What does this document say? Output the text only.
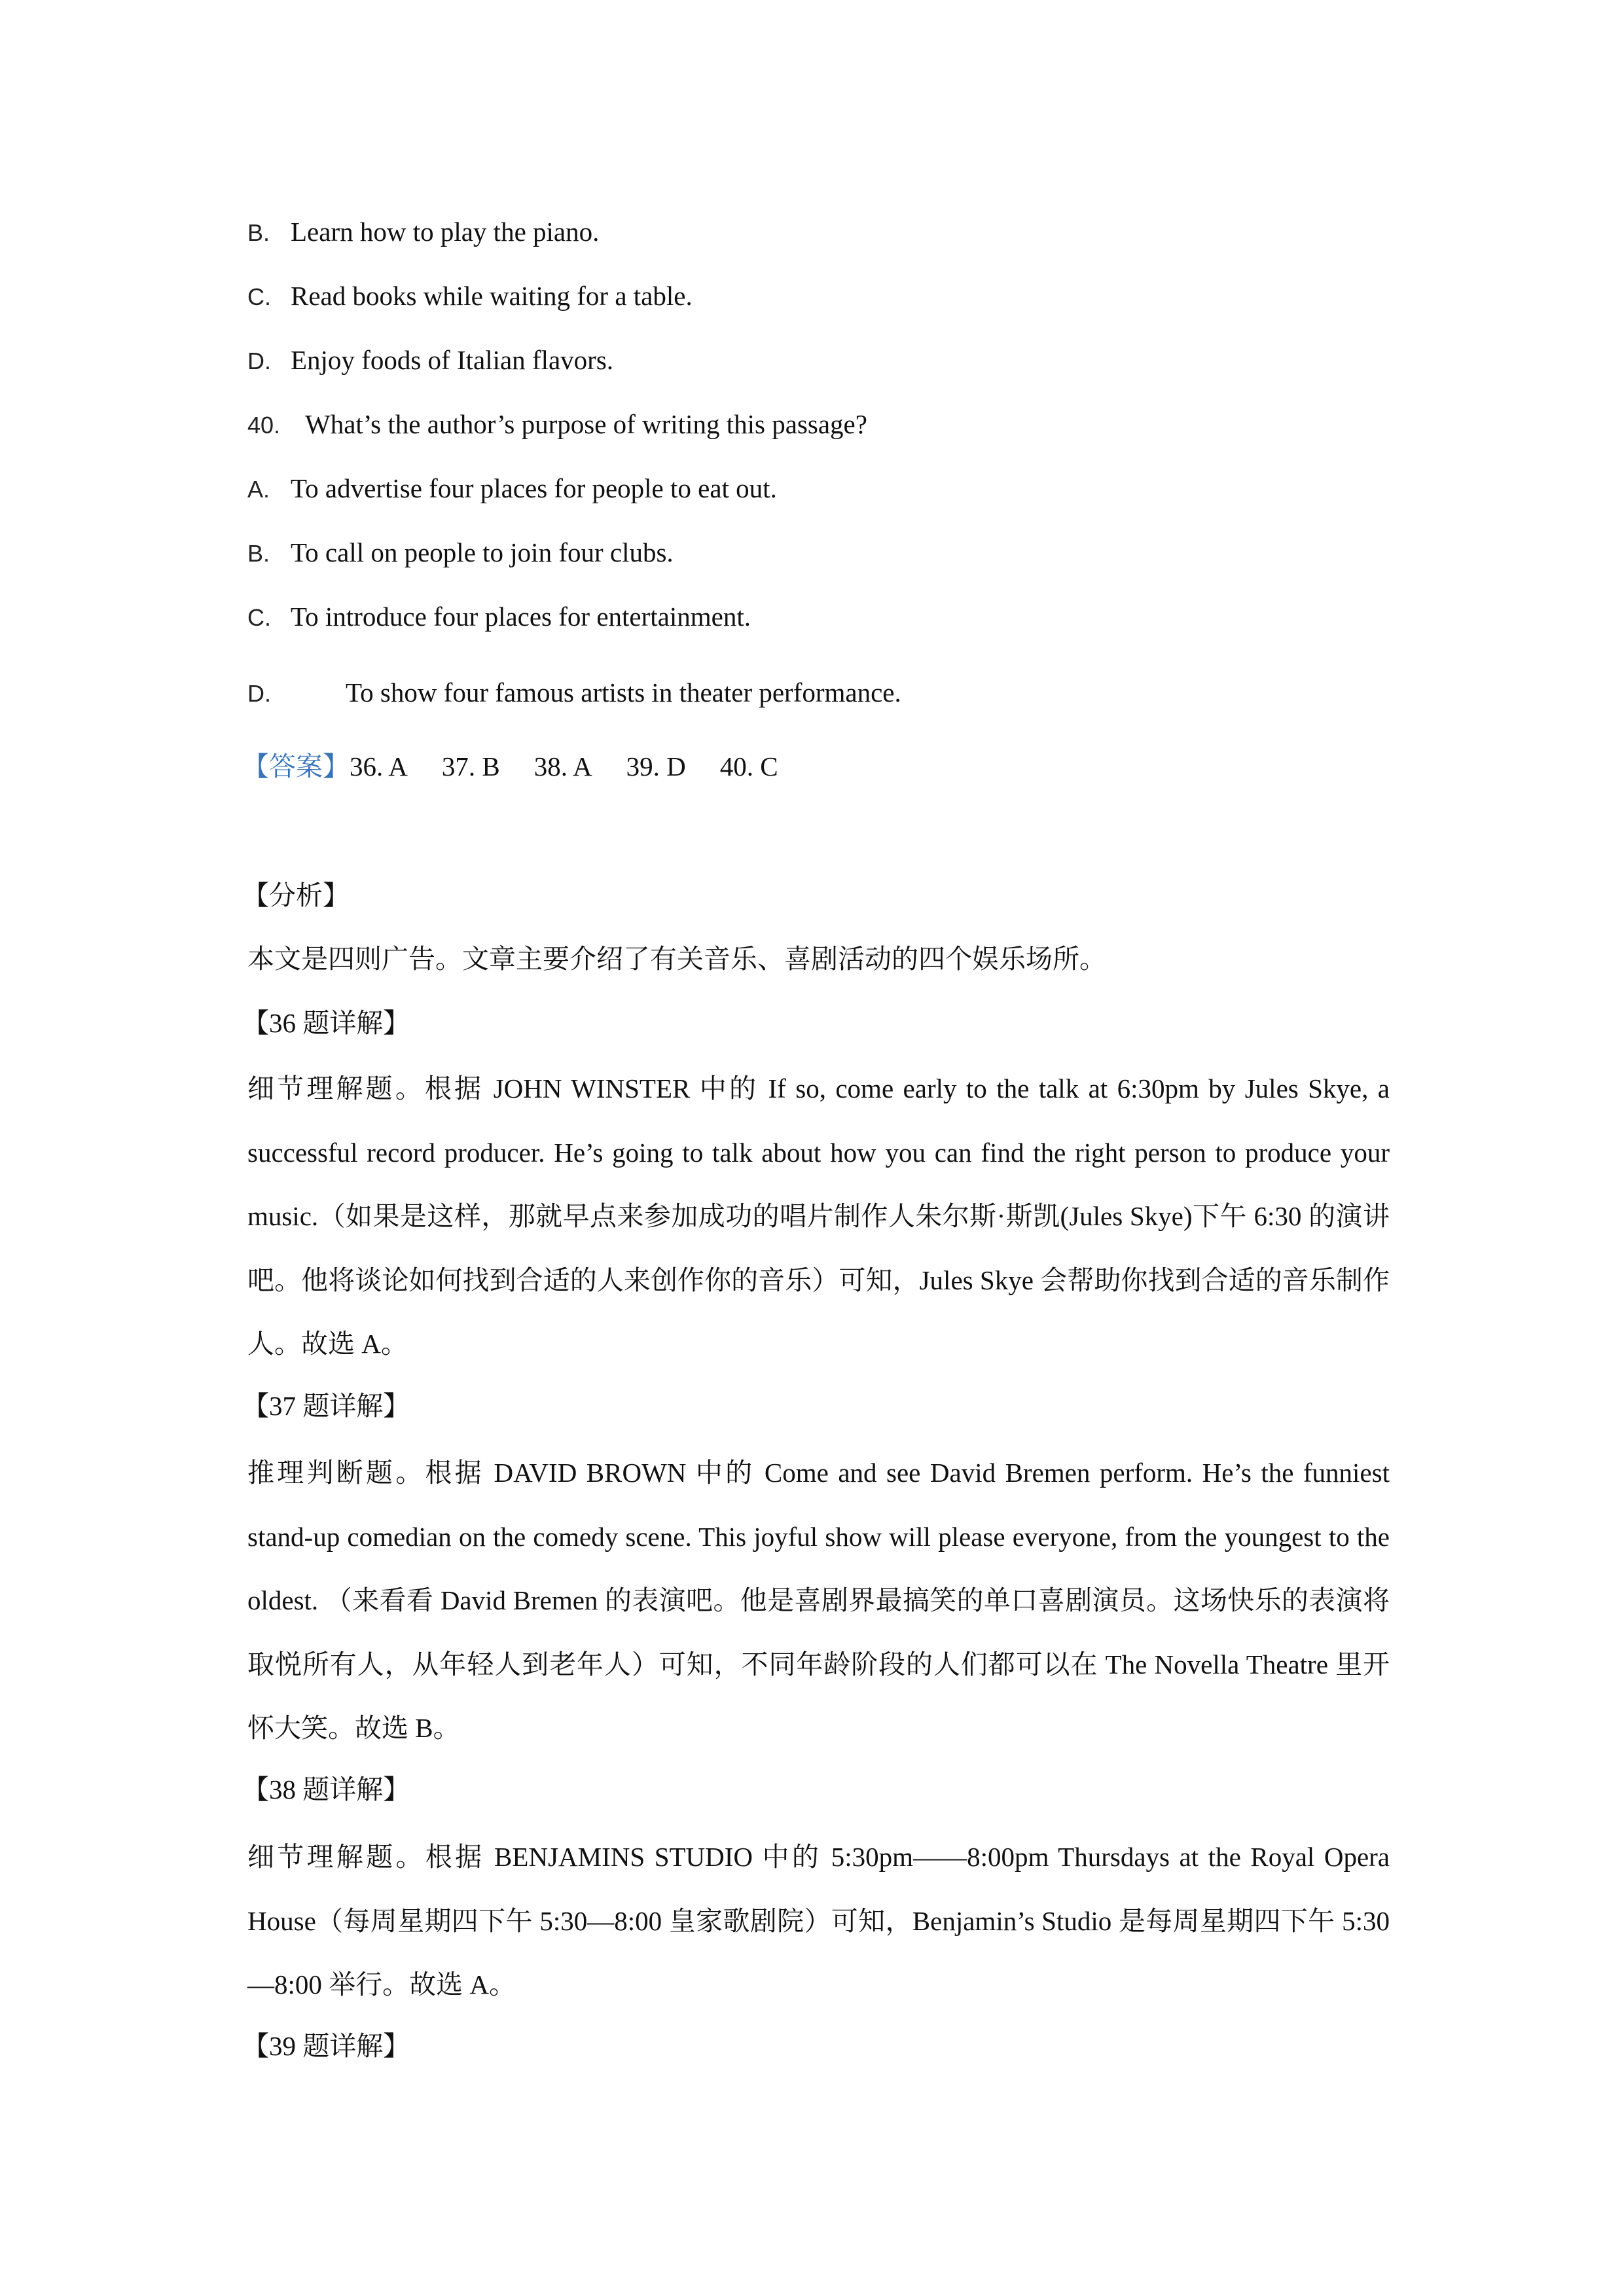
B. Learn how to play the piano.
C. Read books while waiting for a table.
D. Enjoy foods of Italian flavors.
40. What’s the author’s purpose of writing this passage?
A. To advertise four places for people to eat out.
B. To call on people to join four clubs.
C. To introduce four places for entertainment.
D.	To show four famous artists in theater performance.
【答案】36. A 37. B 38. A 39. D 40. C
【分析】
本文是四则广告。文章主要介绍了有关音乐、喜剧活动的四个娱乐场所。
【36 题详解】
细节理解题。根据 JOHN WINSTER 中的 If so, come early to the talk at 6:30pm by Jules Skye, a successful record producer. He’s going to talk about how you can find the right person to produce your music.（如果是这样，那就早点来参加成功的唱片制作人朱尔斯·斯凯(Jules Skye)下午 6:30 的演讲吧。他将谈论如何找到合适的人来创作你的音乐）可知，Jules Skye 会帮助你找到合适的音乐制作人。故选 A。
【37 题详解】
推理判断题。根据 DAVID BROWN 中的 Come and see David Bremen perform. He’s the funniest stand-up comedian on the comedy scene. This joyful show will please everyone, from the youngest to the oldest. （来看看 David Bremen 的表演吧。他是喜剧界最搞笑的单口喜剧演员。这场快乐的表演将取悦所有人，从年轻人到老年人）可知，不同年龄阶段的人们都可以在 The Novella Theatre 里开怀大笑。故选 B。
【38 题详解】
细节理解题。根据 BENJAMINS STUDIO 中的 5:30pm——8:00pm Thursdays at the Royal Opera House（每周星期四下午 5:30—8:00 皇家歌剧院）可知，Benjamin’s Studio 是每周星期四下午 5:30—8:00 举行。故选 A。
【39 题详解】
